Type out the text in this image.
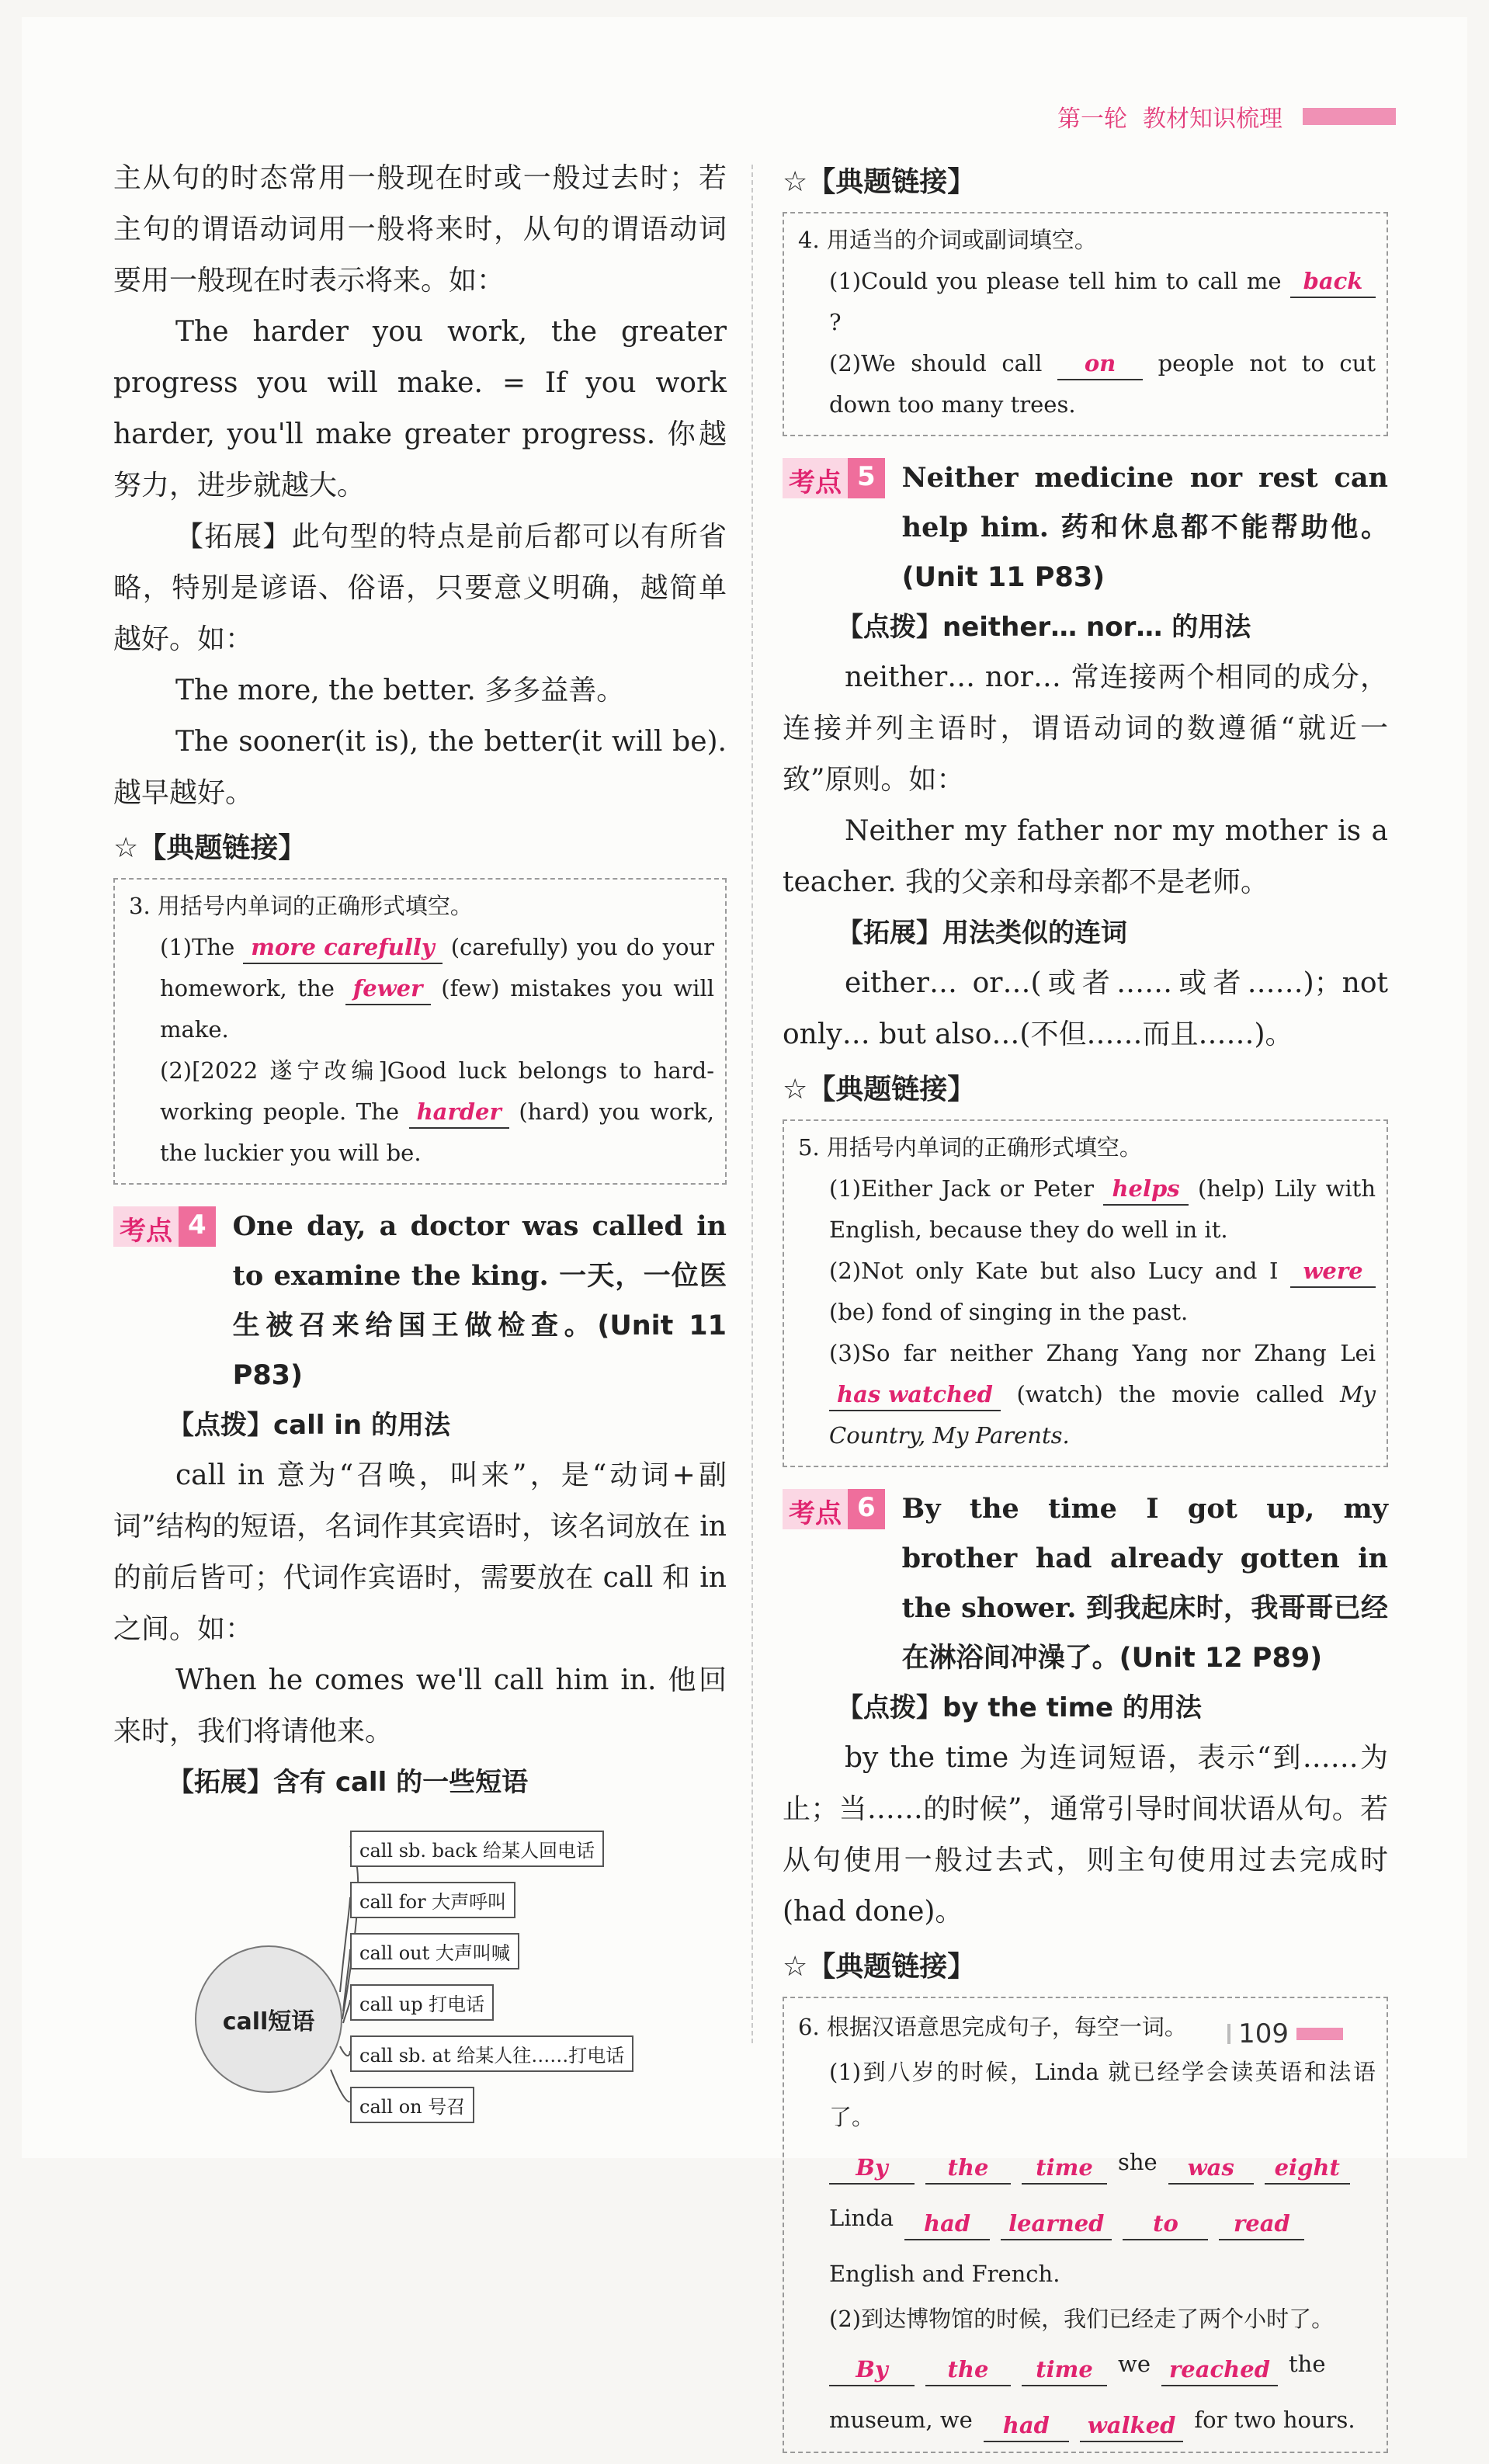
第一轮 教材知识梳理

主从句的时态常用一般现在时或一般过去时；若主句的谓语动词用一般将来时，从句的谓语动词要用一般现在时表示将来。如：

The harder you work, the greater progress you will make. = If you work harder, you'll make greater progress. 你越努力，进步就越大。

【拓展】此句型的特点是前后都可以有所省略，特别是谚语、俗语，只要意义明确，越简单越好。如：

The more, the better. 多多益善。

The sooner(it is), the better(it will be). 越早越好。

☆【典题链接】
3. 用括号内单词的正确形式填空。
(1)The more carefully (carefully) you do your homework, the fewer (few) mistakes you will make.
(2)[2022 遂宁改编]Good luck belongs to hard-working people. The harder (hard) you work, the luckier you will be.
考点 4 One day, a doctor was called in to examine the king. 一天，一位医生被召来给国王做检查。(Unit 11 P83)
【点拨】call in 的用法

call in 意为“召唤，叫来”，是“动词+副词”结构的短语，名词作其宾语时，该名词放在 in 的前后皆可；代词作宾语时，需要放在 call 和 in 之间。如：

When he comes we'll call him in. 他回来时，我们将请他来。

【拓展】含有 call 的一些短语
call短语
call sb. back 给某人回电话
call for 大声呼叫
call out 大声叫喊
call up 打电话
call sb. at 给某人往……打电话
call on 号召
☆【典题链接】
4. 用适当的介词或副词填空。
(1)Could you please tell him to call me back ?
(2)We should call on people not to cut down too many trees.
考点 5 Neither medicine nor rest can help him. 药和休息都不能帮助他。(Unit 11 P83)
【点拨】neither… nor… 的用法

neither… nor… 常连接两个相同的成分，连接并列主语时，谓语动词的数遵循“就近一致”原则。如：

Neither my father nor my mother is a teacher. 我的父亲和母亲都不是老师。

【拓展】用法类似的连词

either… or…(或者……或者……)；not only… but also…(不但……而且……)。

☆【典题链接】
5. 用括号内单词的正确形式填空。
(1)Either Jack or Peter helps (help) Lily with English, because they do well in it.
(2)Not only Kate but also Lucy and I were (be) fond of singing in the past.
(3)So far neither Zhang Yang nor Zhang Lei has watched (watch) the movie called My Country, My Parents.
考点 6 By the time I got up, my brother had already gotten in the shower. 到我起床时，我哥哥已经在淋浴间冲澡了。(Unit 12 P89)
【点拨】by the time 的用法

by the time 为连词短语，表示“到……为止；当……的时候”，通常引导时间状语从句。若从句使用一般过去式，则主句使用过去完成时(had done)。

☆【典题链接】
6. 根据汉语意思完成句子，每空一词。
(1)到八岁的时候，Linda 就已经学会读英语和法语了。
By	the	time	she	was	eight
Linda	had	learned	to	read
English and French.
(2)到达博物馆的时候，我们已经走了两个小时了。
By	the	time	we reached the
museum, we	had	walked for two hours.
109
